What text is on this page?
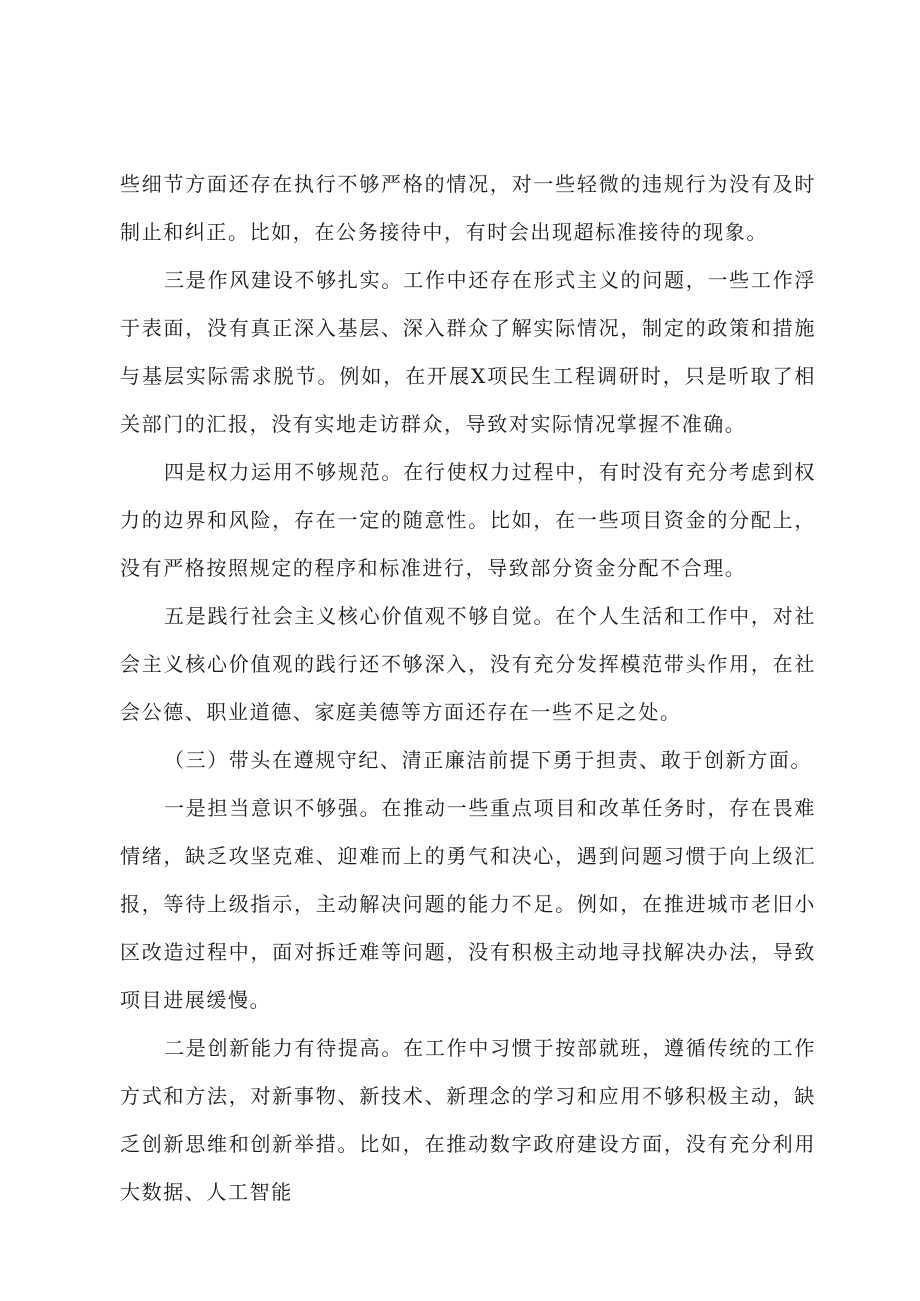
些细节方面还存在执行不够严格的情况，对一些轻微的违规行为没有及时制止和纠正。比如，在公务接待中，有时会出现超标准接待的现象。

三是作风建设不够扎实。工作中还存在形式主义的问题，一些工作浮于表面，没有真正深入基层、深入群众了解实际情况，制定的政策和措施与基层实际需求脱节。例如，在开展X项民生工程调研时，只是听取了相关部门的汇报，没有实地走访群众，导致对实际情况掌握不准确。

四是权力运用不够规范。在行使权力过程中，有时没有充分考虑到权力的边界和风险，存在一定的随意性。比如，在一些项目资金的分配上，没有严格按照规定的程序和标准进行，导致部分资金分配不合理。

五是践行社会主义核心价值观不够自觉。在个人生活和工作中，对社会主义核心价值观的践行还不够深入，没有充分发挥模范带头作用，在社会公德、职业道德、家庭美德等方面还存在一些不足之处。

（三）带头在遵规守纪、清正廉洁前提下勇于担责、敢于创新方面。

一是担当意识不够强。在推动一些重点项目和改革任务时，存在畏难情绪，缺乏攻坚克难、迎难而上的勇气和决心，遇到问题习惯于向上级汇报，等待上级指示，主动解决问题的能力不足。例如，在推进城市老旧小区改造过程中，面对拆迁难等问题，没有积极主动地寻找解决办法，导致项目进展缓慢。

二是创新能力有待提高。在工作中习惯于按部就班，遵循传统的工作方式和方法，对新事物、新技术、新理念的学习和应用不够积极主动，缺乏创新思维和创新举措。比如，在推动数字政府建设方面，没有充分利用大数据、人工智能
